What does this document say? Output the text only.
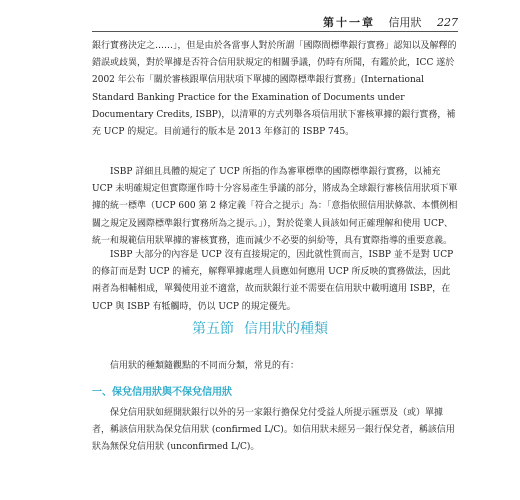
第十一章 信用狀 227

銀行實務決定之……」，但是由於各當事人對於所謂「國際間標準銀行實務」認知以及解釋的錯誤或歧異，對於單據是否符合信用狀規定的相關爭議，仍時有所聞，有鑑於此，ICC 遂於 2002 年公布「關於審核跟單信用狀項下單據的國際標準銀行實務」(International Standard Banking Practice for the Examination of Documents under Documentary Credits, ISBP)，以清單的方式列舉各項信用狀下審核單據的銀行實務，補充 UCP 的規定。目前通行的版本是 2013 年修訂的 ISBP 745。

ISBP 詳細且具體的規定了 UCP 所指的作為審單標準的國際標準銀行實務，以補充 UCP 未明確規定但實際運作時十分容易產生爭議的部分，將成為全球銀行審核信用狀項下單據的統一標準（UCP 600 第 2 條定義「符合之提示」為：「意指依照信用狀條款、本慣例相關之規定及國際標準銀行實務所為之提示。」），對於從業人員該如何正確理解和使用 UCP、統一和規範信用狀單據的審核實務，進而減少不必要的糾紛等，具有實際指導的重要意義。

ISBP 大部分的內容是 UCP 沒有直接規定的，因此就性質而言，ISBP 並不是對 UCP 的修訂而是對 UCP 的補充，解釋單據處理人員應如何應用 UCP 所反映的實務做法，因此兩者為相輔相成，單獨使用並不適當，故而狀銀行並不需要在信用狀中載明適用 ISBP，在 UCP 與 ISBP 有牴觸時，仍以 UCP 的規定優先。

第五節 信用狀的種類

信用狀的種類隨觀點的不同而分類，常見的有：

一、保兌信用狀與不保兌信用狀

保兌信用狀如經開狀銀行以外的另一家銀行擔保兌付受益人所提示匯票及（或）單據者，稱該信用狀為保兌信用狀 (confirmed L/C)。如信用狀未經另一銀行保兌者，稱該信用狀為無保兌信用狀 (unconfirmed L/C)。
